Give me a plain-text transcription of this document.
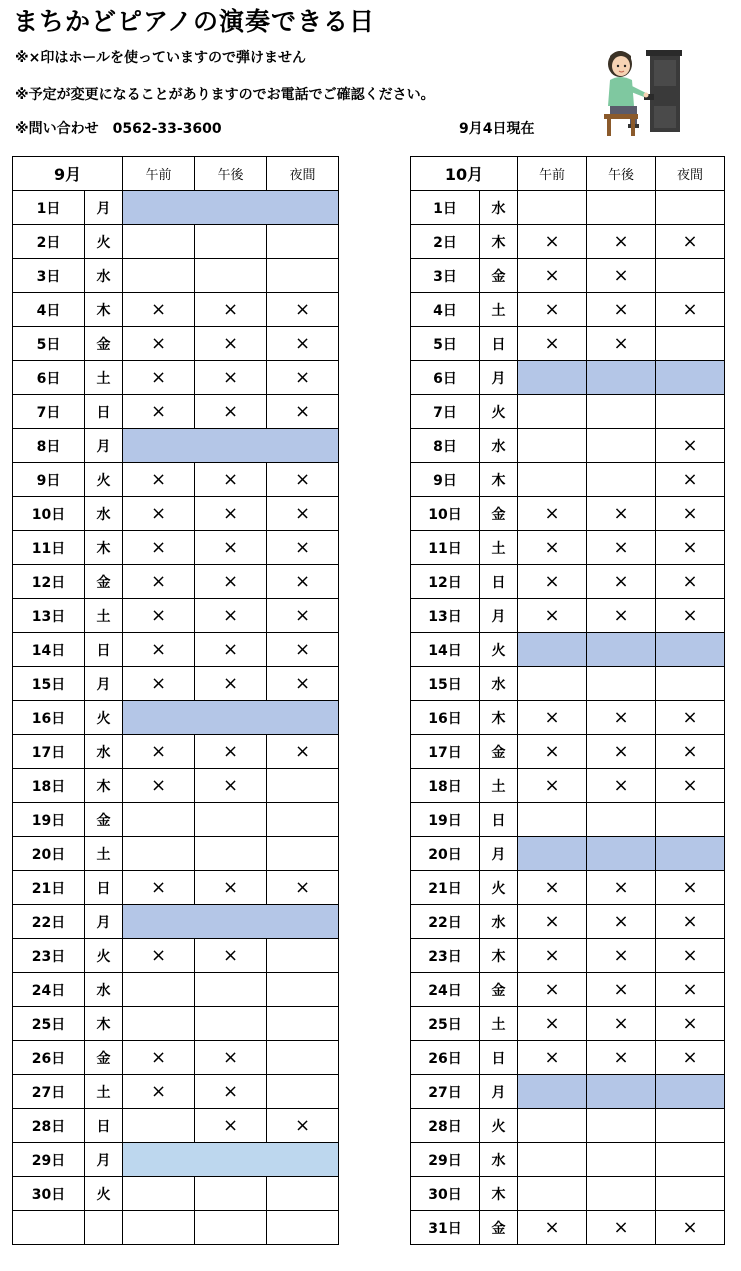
まちかどピアノの演奏できる日
※×印はホールを使っていますので弾けません
※予定が変更になることがありますのでお電話でご確認ください。
※問い合わせ　0562-33-3600	9月4日現在
9月		午前	午後	夜間
1日	月			
2日	火			
3日	水			
4日	木	×	×	×
5日	金	×	×	×
6日	土	×	×	×
7日	日	×	×	×
8日	月			
9日	火	×	×	×
10日	水	×	×	×
11日	木	×	×	×
12日	金	×	×	×
13日	土	×	×	×
14日	日	×	×	×
15日	月	×	×	×
16日	火			
17日	水	×	×	×
18日	木	×	×	
19日	金			
20日	土			
21日	日	×	×	×
22日	月			
23日	火	×	×	
24日	水			
25日	木			
26日	金	×	×	
27日	土	×	×	
28日	日		×	×
29日	月			
30日	火			

10月		午前	午後	夜間
1日	水			
2日	木	×	×	×
3日	金	×	×	
4日	土	×	×	×
5日	日	×	×	
6日	月			
7日	火			
8日	水			×
9日	木			×
10日	金	×	×	×
11日	土	×	×	×
12日	日	×	×	×
13日	月	×	×	×
14日	火			
15日	水			
16日	木	×	×	×
17日	金	×	×	×
18日	土	×	×	×
19日	日			
20日	月			
21日	火	×	×	×
22日	水	×	×	×
23日	木	×	×	×
24日	金	×	×	×
25日	土	×	×	×
26日	日	×	×	×
27日	月			
28日	火			
29日	水			
30日	木			
31日	金	×	×	×
